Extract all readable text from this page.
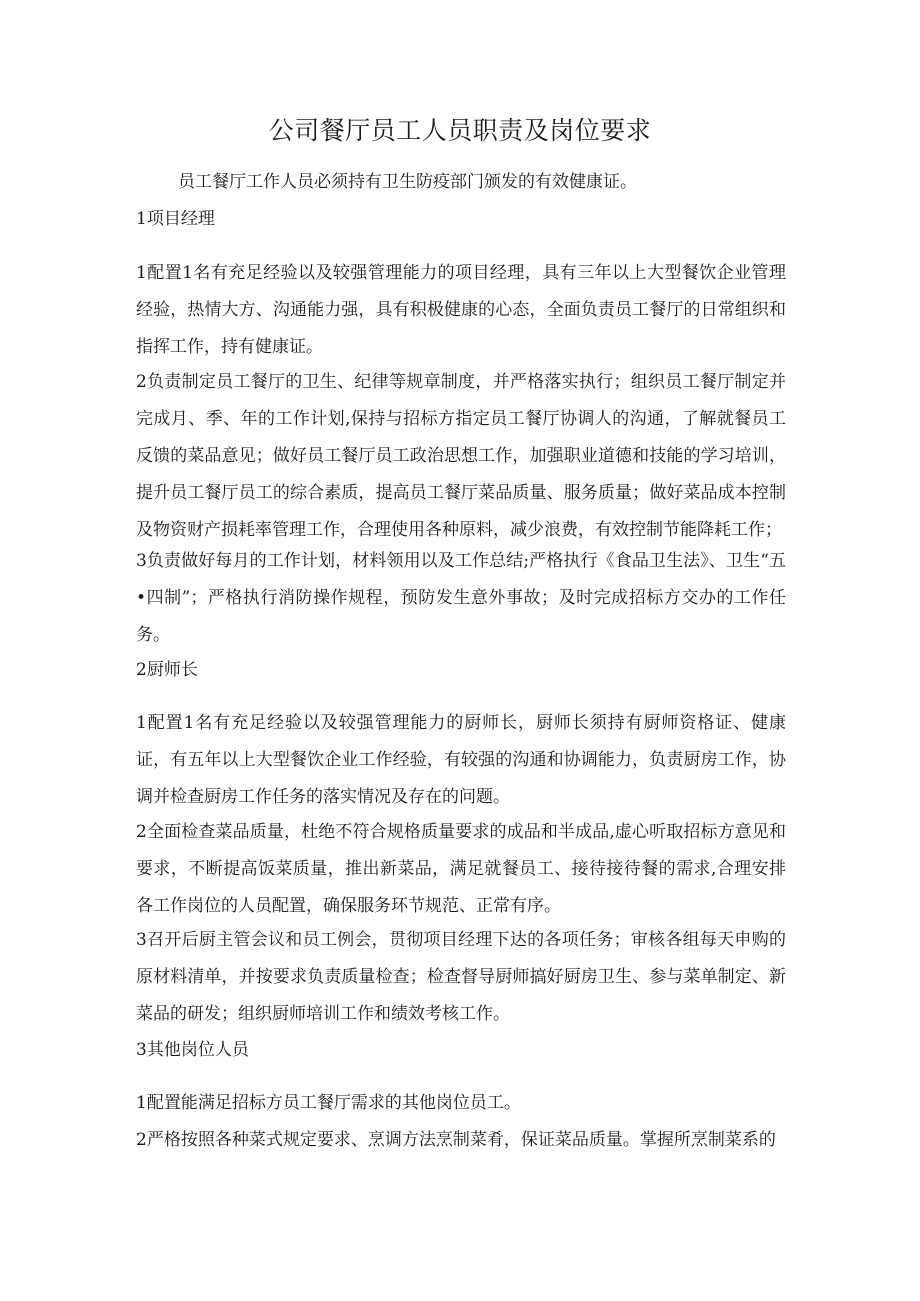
公司餐厅员工人员职责及岗位要求

员工餐厅工作人员必须持有卫生防疫部门颁发的有效健康证。

1项目经理

1配置1名有充足经验以及较强管理能力的项目经理，具有三年以上大型餐饮企业管理经验，热情大方、沟通能力强，具有积极健康的心态，全面负责员工餐厅的日常组织和指挥工作，持有健康证。

2负责制定员工餐厅的卫生、纪律等规章制度，并严格落实执行；组织员工餐厅制定并完成月、季、年的工作计划,保持与招标方指定员工餐厅协调人的沟通，了解就餐员工反馈的菜品意见；做好员工餐厅员工政治思想工作，加强职业道德和技能的学习培训，提升员工餐厅员工的综合素质，提高员工餐厅菜品质量、服务质量；做好菜品成本控制及物资财产损耗率管理工作，合理使用各种原料，减少浪费，有效控制节能降耗工作；

3负责做好每月的工作计划，材料领用以及工作总结;严格执行《食品卫生法》、卫生“五•四制”；严格执行消防操作规程，预防发生意外事故；及时完成招标方交办的工作任务。

2厨师长

1配置1名有充足经验以及较强管理能力的厨师长，厨师长须持有厨师资格证、健康证，有五年以上大型餐饮企业工作经验，有较强的沟通和协调能力，负责厨房工作，协调并检查厨房工作任务的落实情况及存在的问题。

2全面检查菜品质量，杜绝不符合规格质量要求的成品和半成品,虚心听取招标方意见和要求，不断提高饭菜质量，推出新菜品，满足就餐员工、接待接待餐的需求,合理安排各工作岗位的人员配置，确保服务环节规范、正常有序。

3召开后厨主管会议和员工例会，贯彻项目经理下达的各项任务；审核各组每天申购的原材料清单，并按要求负责质量检查；检查督导厨师搞好厨房卫生、参与菜单制定、新菜品的研发；组织厨师培训工作和绩效考核工作。

3其他岗位人员

1配置能满足招标方员工餐厅需求的其他岗位员工。

2严格按照各种菜式规定要求、烹调方法烹制菜肴，保证菜品质量。掌握所烹制菜系的
